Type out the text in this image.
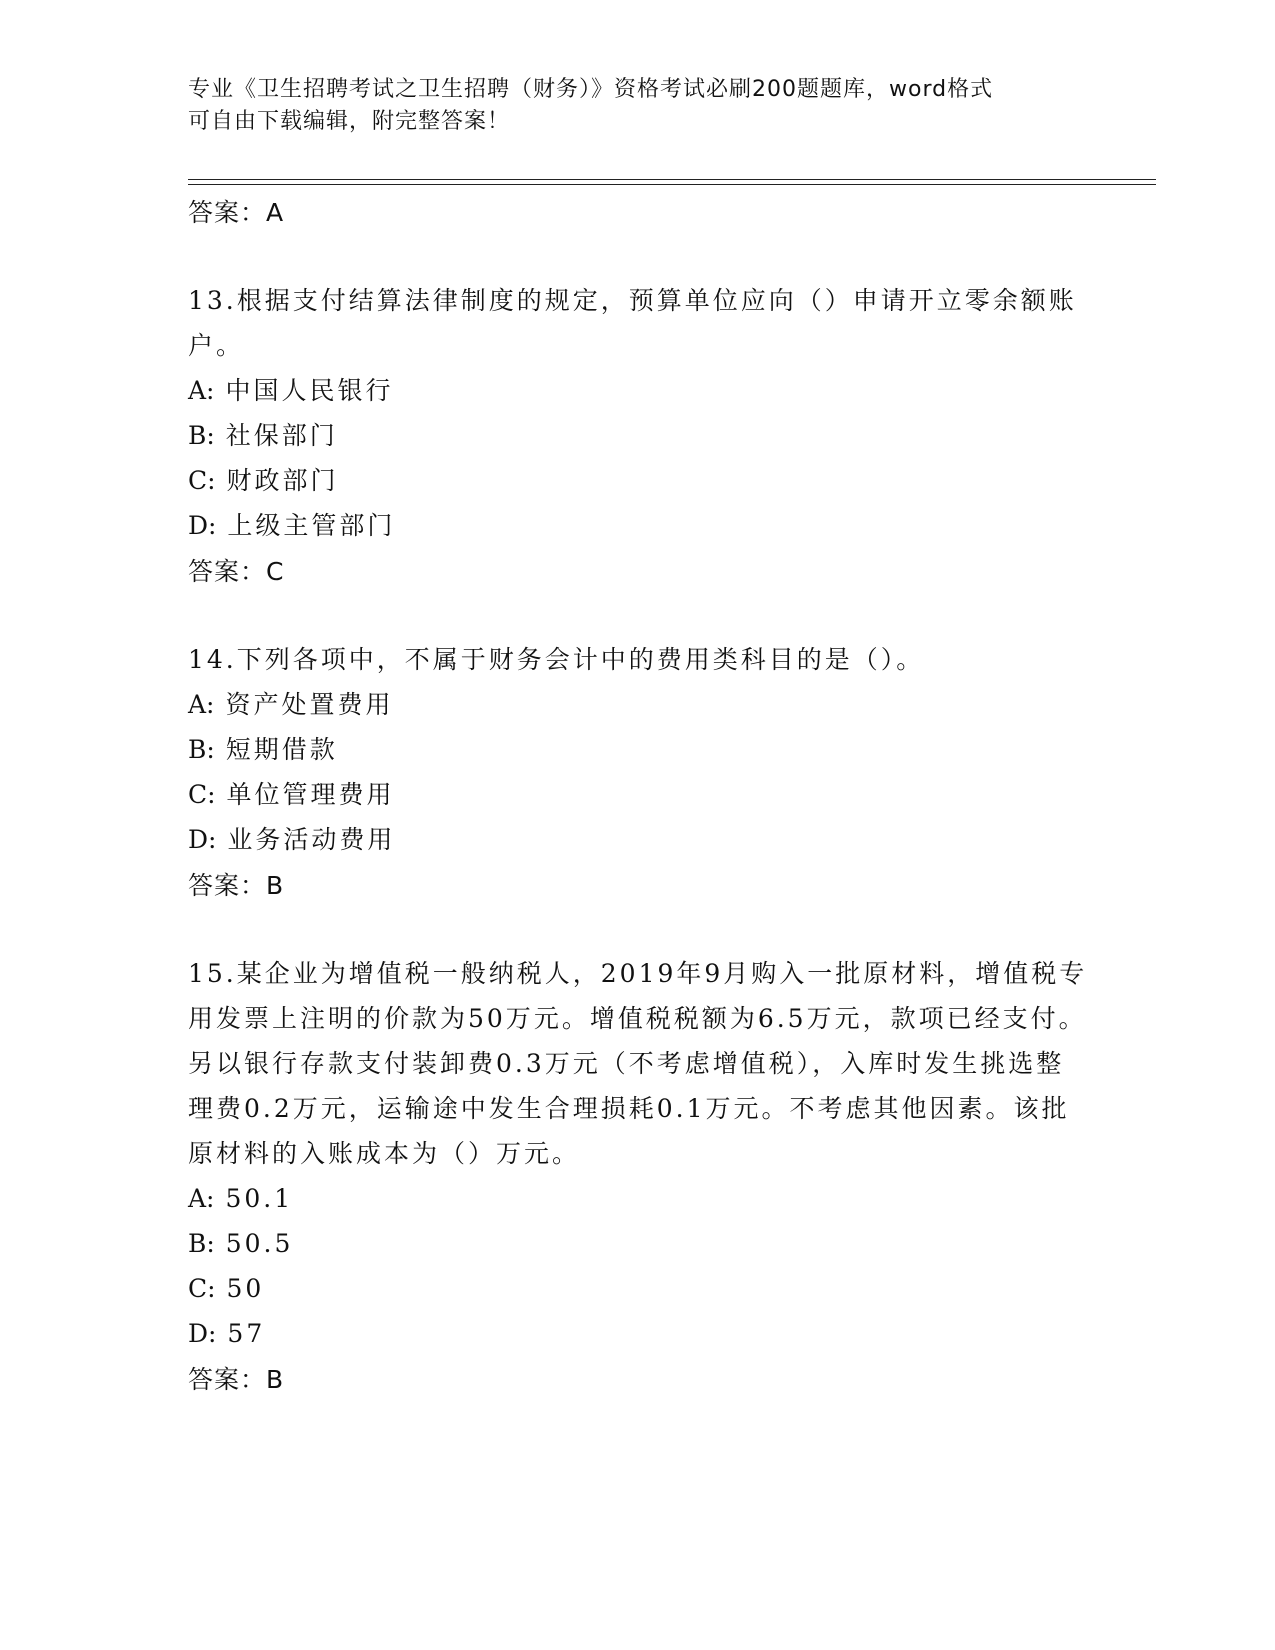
专业《卫生招聘考试之卫生招聘（财务）》资格考试必刷200题题库，word格式
可自由下载编辑，附完整答案！
答案：A
13.根据支付结算法律制度的规定，预算单位应向（）申请开立零余额账户。
A: 中国人民银行
B: 社保部门
C: 财政部门
D: 上级主管部门
答案：C
14.下列各项中，不属于财务会计中的费用类科目的是（）。
A: 资产处置费用
B: 短期借款
C: 单位管理费用
D: 业务活动费用
答案：B
15.某企业为增值税一般纳税人，2019年9月购入一批原材料，增值税专用发票上注明的价款为50万元。增值税税额为6.5万元，款项已经支付。另以银行存款支付装卸费0.3万元（不考虑增值税），入库时发生挑选整理费0.2万元，运输途中发生合理损耗0.1万元。不考虑其他因素。该批原材料的入账成本为（）万元。
A: 50.1
B: 50.5
C: 50
D: 57
答案：B
